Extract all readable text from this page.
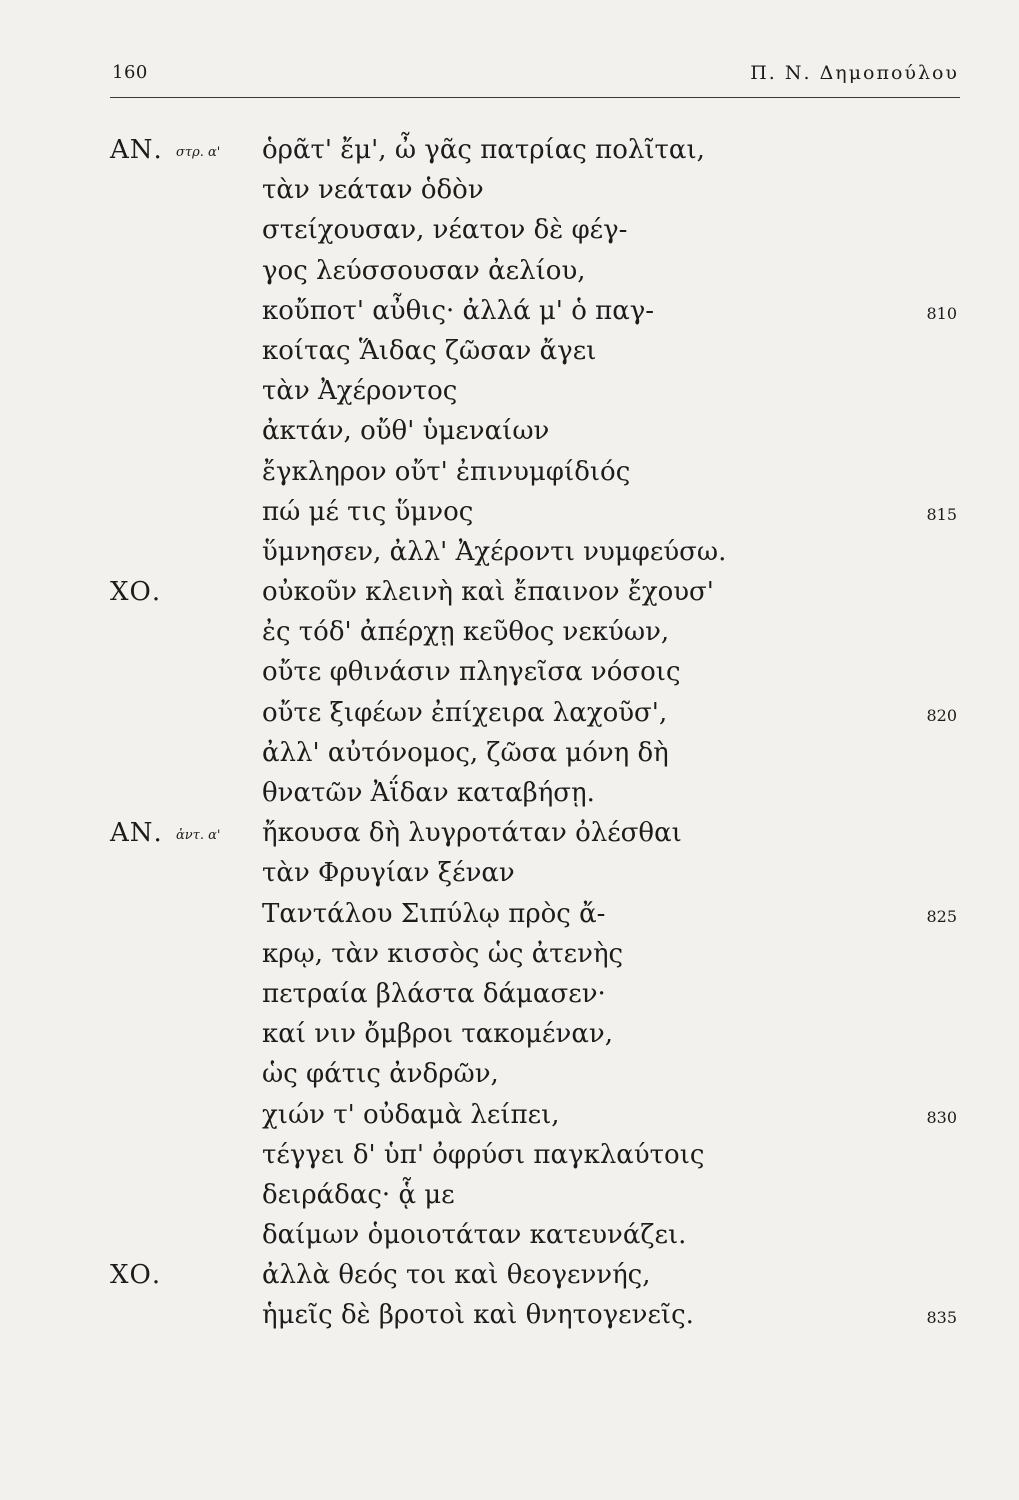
160	Π. Ν. Δημοπούλου
ΑΝ. στρ. α' ὁρᾶτ' ἔμ', ὦ γᾶς πατρίας πολῖται,
τὰν νεάταν ὁδὸν
στείχουσαν, νέατον δὲ φέγ-
γος λεύσσουσαν ἀελίου,
κοὔποτ' αὖθις· ἀλλά μ' ὁ παγ-	810
κοίτας Ἅιδας ζῶσαν ἄγει
τὰν Ἀχέροντος
ἀκτάν, οὔθ' ὑμεναίων
ἔγκληρον οὔτ' ἐπινυμφίδιός
πώ μέ τις ὕμνος	815
ὕμνησεν, ἀλλ' Ἀχέροντι νυμφεύσω.
ΧΟ.	οὐκοῦν κλεινὴ καὶ ἔπαινον ἔχουσ'
ἐς τόδ' ἀπέρχῃ κεῦθος νεκύων,
οὔτε φθινάσιν πληγεῖσα νόσοις
οὔτε ξιφέων ἐπίχειρα λαχοῦσ',	820
ἀλλ' αὐτόνομος, ζῶσα μόνη δὴ
θνατῶν Ἀΐδαν καταβήσῃ.
ΑΝ. ἀντ. α' ἤκουσα δὴ λυγροτάταν ὀλέσθαι
τὰν Φρυγίαν ξέναν
Ταντάλου Σιπύλῳ πρὸς ἄ-	825
κρῳ, τὰν κισσὸς ὡς ἀτενὴς
πετραία βλάστα δάμασεν·
καί νιν ὄμβροι τακομέναν,
ὡς φάτις ἀνδρῶν,
χιών τ' οὐδαμὰ λείπει,	830
τέγγει δ' ὑπ' ὀφρύσι παγκλαύτοις
δειράδας· ᾇ με
δαίμων ὁμοιοτάταν κατευνάζει.
ΧΟ.	ἀλλὰ θεός τοι καὶ θεογεννής,
ἡμεῖς δὲ βροτοὶ καὶ θνητογενεῖς.	835
